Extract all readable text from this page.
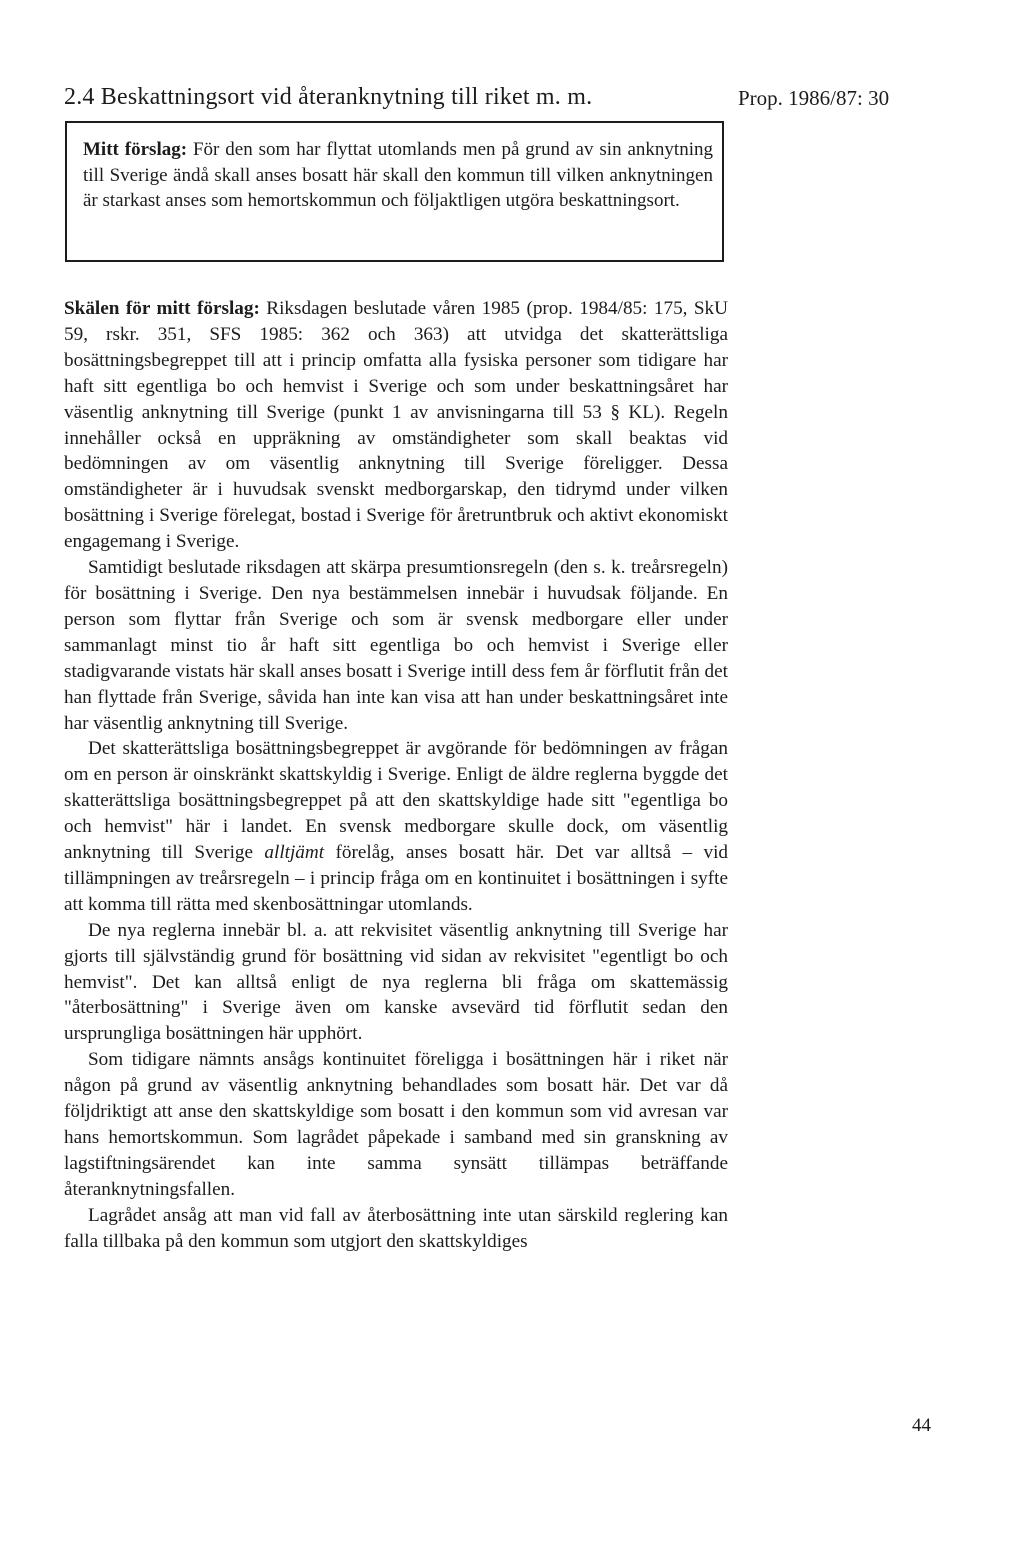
2.4 Beskattningsort vid återanknytning till riket m. m.	Prop. 1986/87: 30
Mitt förslag: För den som har flyttat utomlands men på grund av sin anknytning till Sverige ändå skall anses bosatt här skall den kommun till vilken anknytningen är starkast anses som hemortskommun och följaktligen utgöra beskattningsort.

Skälen för mitt förslag: Riksdagen beslutade våren 1985 (prop. 1984/85: 175, SkU 59, rskr. 351, SFS 1985: 362 och 363) att utvidga det skatterättsliga bosättningsbegreppet till att i princip omfatta alla fysiska personer som tidigare har haft sitt egentliga bo och hemvist i Sverige och som under beskattningsåret har väsentlig anknytning till Sverige (punkt 1 av anvisningarna till 53 § KL). Regeln innehåller också en uppräkning av omständigheter som skall beaktas vid bedömningen av om väsentlig anknytning till Sverige föreligger. Dessa omständigheter är i huvudsak svenskt medborgarskap, den tidrymd under vilken bosättning i Sverige förelegat, bostad i Sverige för åretruntbruk och aktivt ekonomiskt engagemang i Sverige.

Samtidigt beslutade riksdagen att skärpa presumtionsregeln (den s. k. treårsregeln) för bosättning i Sverige. Den nya bestämmelsen innebär i huvudsak följande. En person som flyttar från Sverige och som är svensk medborgare eller under sammanlagt minst tio år haft sitt egentliga bo och hemvist i Sverige eller stadigvarande vistats här skall anses bosatt i Sverige intill dess fem år förflutit från det han flyttade från Sverige, såvida han inte kan visa att han under beskattningsåret inte har väsentlig anknytning till Sverige.

Det skatterättsliga bosättningsbegreppet är avgörande för bedömningen av frågan om en person är oinskränkt skattskyldig i Sverige. Enligt de äldre reglerna byggde det skatterättsliga bosättningsbegreppet på att den skattskyldige hade sitt "egentliga bo och hemvist" här i landet. En svensk medborgare skulle dock, om väsentlig anknytning till Sverige alltjämt förelåg, anses bosatt här. Det var alltså – vid tillämpningen av treårsregeln – i princip fråga om en kontinuitet i bosättningen i syfte att komma till rätta med skenbosättningar utomlands.

De nya reglerna innebär bl. a. att rekvisitet väsentlig anknytning till Sverige har gjorts till självständig grund för bosättning vid sidan av rekvisitet "egentligt bo och hemvist". Det kan alltså enligt de nya reglerna bli fråga om skattemässig "återbosättning" i Sverige även om kanske avsevärd tid förflutit sedan den ursprungliga bosättningen här upphört.

Som tidigare nämnts ansågs kontinuitet föreligga i bosättningen här i riket när någon på grund av väsentlig anknytning behandlades som bosatt här. Det var då följdriktigt att anse den skattskyldige som bosatt i den kommun som vid avresan var hans hemortskommun. Som lagrådet påpekade i samband med sin granskning av lagstiftningsärendet kan inte samma synsätt tillämpas beträffande återanknytningsfallen.

Lagrådet ansåg att man vid fall av återbosättning inte utan särskild reglering kan falla tillbaka på den kommun som utgjort den skattskyldiges

44
